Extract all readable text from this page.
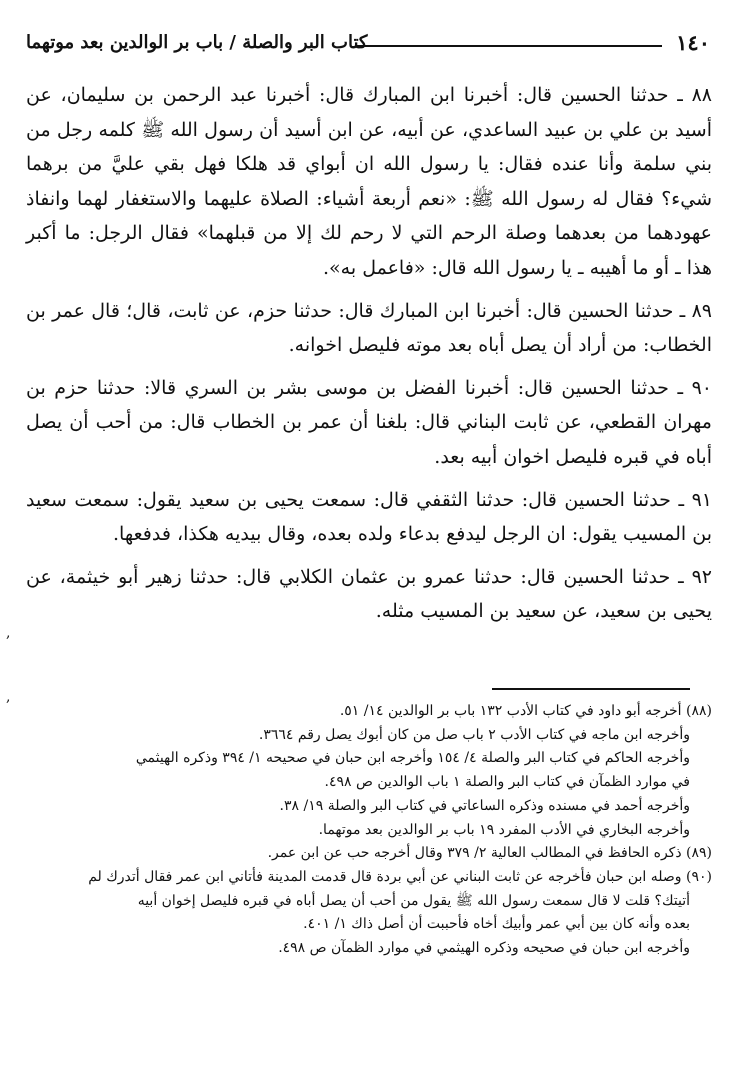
١٤٠
كتاب البر والصلة / باب بر الوالدين بعد موتهما

٨٨ ـ حدثنا الحسين قال: أخبرنا ابن المبارك قال: أخبرنا عبد الرحمن بن سليمان، عن أسيد بن علي بن عبيد الساعدي، عن أبيه، عن ابن أسيد أن رسول الله ﷺ كلمه رجل من بني سلمة وأنا عنده فقال: يا رسول الله ان أبواي قد هلكا فهل بقي عليَّ من برهما شيء؟ فقال له رسول الله ﷺ: «نعم أربعة أشياء: الصلاة عليهما والاستغفار لهما وانفاذ عهودهما من بعدهما وصلة الرحم التي لا رحم لك إلا من قبلهما» فقال الرجل: ما أكبر هذا ـ أو ما أهيبه ـ يا رسول الله قال: «فاعمل به».

٨٩ ـ حدثنا الحسين قال: أخبرنا ابن المبارك قال: حدثنا حزم، عن ثابت، قال؛ قال عمر بن الخطاب: من أراد أن يصل أباه بعد موته فليصل اخوانه.

٩٠ ـ حدثنا الحسين قال: أخبرنا الفضل بن موسى بشر بن السري قالا: حدثنا حزم بن مهران القطعي، عن ثابت البناني قال: بلغنا أن عمر بن الخطاب قال: من أحب أن يصل أباه في قبره فليصل اخوان أبيه بعد.

٩١ ـ حدثنا الحسين قال: حدثنا الثقفي قال: سمعت يحيى بن سعيد يقول: سمعت سعيد بن المسيب يقول: ان الرجل ليدفع بدعاء ولده بعده، وقال بيديه هكذا، فدفعها.

٩٢ ـ حدثنا الحسين قال: حدثنا عمرو بن عثمان الكلابي قال: حدثنا زهير أبو خيثمة، عن يحيى بن سعيد، عن سعيد بن المسيب مثله.

(٨٨) أخرجه أبو داود في كتاب الأدب ١٣٢ باب بر الوالدين ١٤/ ٥١.

وأخرجه ابن ماجه في كتاب الأدب ٢ باب صل من كان أبوك يصل رقم ٣٦٦٤.

وأخرجه الحاكم في كتاب البر والصلة ٤/ ١٥٤ وأخرجه ابن حبان في صحيحه ١/ ٣٩٤ وذكره الهيثمي

في موارد الظمآن في كتاب البر والصلة ١ باب الوالدين ص ٤٩٨.

وأخرجه أحمد في مسنده وذكره الساعاتي في كتاب البر والصلة ١٩/ ٣٨.

وأخرجه البخاري في الأدب المفرد ١٩ باب بر الوالدين بعد موتهما.

(٨٩) ذكره الحافظ في المطالب العالية ٢/ ٣٧٩ وقال أخرجه حب عن ابن عمر.

(٩٠) وصله ابن حبان فأخرجه عن ثابت البناني عن أبي بردة قال قدمت المدينة فأتاني ابن عمر فقال أتدرك لم

أتيتك؟ قلت لا قال سمعت رسول الله ﷺ يقول من أحب أن يصل أباه في قبره فليصل إخوان أبيه

بعده وأنه كان بين أبي عمر وأبيك أخاه فأحببت أن أصل ذاك ١/ ٤٠١.

وأخرجه ابن حبان في صحيحه وذكره الهيثمي في موارد الظمآن ص ٤٩٨.

,
,
